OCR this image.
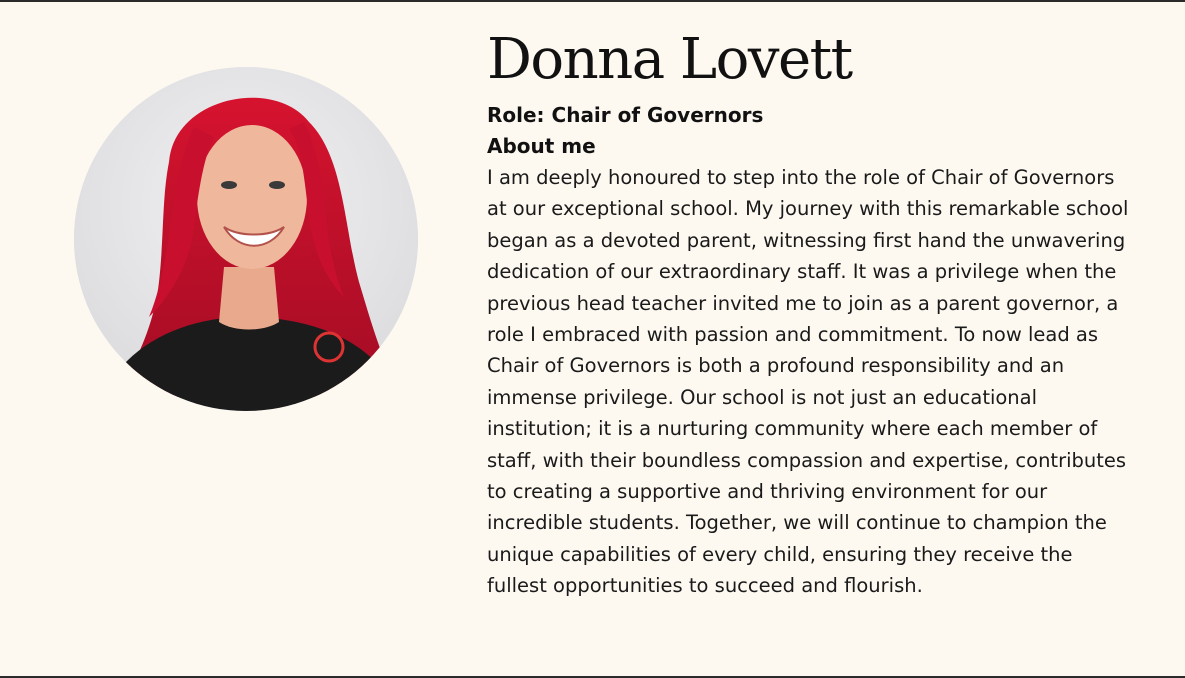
Donna Lovett
Role: Chair of Governors
About me

I am deeply honoured to step into the role of Chair of Governors at our exceptional school. My journey with this remarkable school began as a devoted parent, witnessing first hand the unwavering dedication of our extraordinary staff. It was a privilege when the previous head teacher invited me to join as a parent governor, a role I embraced with passion and commitment. To now lead as Chair of Governors is both a profound responsibility and an immense privilege. Our school is not just an educational institution; it is a nurturing community where each member of staff, with their boundless compassion and expertise, contributes to creating a supportive and thriving environment for our incredible students. Together, we will continue to champion the unique capabilities of every child, ensuring they receive the fullest opportunities to succeed and flourish.
